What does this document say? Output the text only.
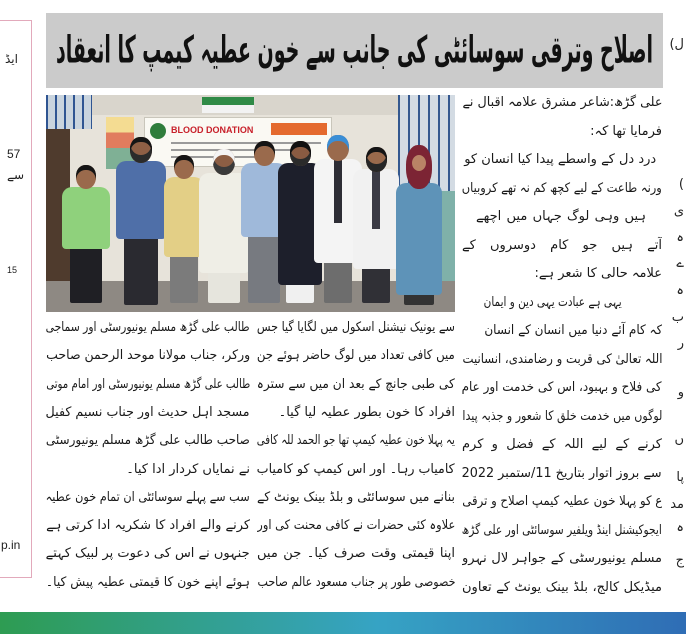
ایڈ
57
سے
15
p.in
ل)
)
ی
ہ
ے
ہ
ب
ر
و
ں
پا
مد
ہ
ج
اصلاح وترقی سوسائٹی کی جانب سے خون عطیہ کیمپ کا انعقاد
BLOOD DONATION
علی گڑھ:شاعر مشرق علامہ اقبال نے
فرمایا تھا کہ:
درد دل کے واسطے پیدا کیا انسان کو
ورنہ طاعت کے لیے کچھ کم نہ تھے کروبیاں
ہیں وہی لوگ جہاں میں اچھے
آتے ہیں جو کام دوسروں کے
علامہ حالی کا شعر ہے:
یہی ہے عبادت یہی دین و ایمان
کہ کام آئے دنیا میں انسان کے انسان
اللہ تعالیٰ کی قربت و رضامندی، انسانیت
کی فلاح و بہبود، اس کی خدمت اور عام
لوگوں میں خدمت خلق کا شعور و جذبہ پیدا
کرنے کے لیے اللہ کے فضل و کرم
سے بروز اتوار بتاریخ 11/ستمبر 2022
ع کو پہلا خون عطیہ کیمپ اصلاح و ترقی
ایجوکیشنل اینڈ ویلفیر سوسائٹی اور علی گڑھ
مسلم یونیورسٹی کے جواہر لال نہرو
میڈیکل کالج، بلڈ بینک یونٹ کے تعاون
سے یونیک نیشنل اسکول میں لگایا گیا جس
میں کافی تعداد میں لوگ حاضر ہوئے جن
کی طبی جانچ کے بعد ان میں سے سترہ
افراد کا خون بطور عطیہ لیا گیا۔
یہ پہلا خون عطیہ کیمپ تھا جو الحمد للہ کافی
کامیاب رہا۔ اور اس کیمپ کو کامیاب
بنانے میں سوسائٹی و بلڈ بینک یونٹ کے
علاوہ کئی حضرات نے کافی محنت کی اور
اپنا قیمتی وقت صرف کیا۔ جن میں
خصوصی طور پر جناب مسعود عالم صاحب
طالب علی گڑھ مسلم یونیورسٹی اور سماجی
ورکر، جناب مولانا موحد الرحمن صاحب
طالب علی گڑھ مسلم یونیورسٹی اور امام موتی
مسجد اہل حدیث اور جناب نسیم کفیل
صاحب طالب علی گڑھ مسلم یونیورسٹی
نے نمایاں کردار ادا کیا۔
سب سے پہلے سوسائٹی ان تمام خون عطیہ
کرنے والے افراد کا شکریہ ادا کرتی ہے
جنہوں نے اس کی دعوت پر لبیک کہتے
ہوئے اپنے خون کا قیمتی عطیہ پیش کیا۔
